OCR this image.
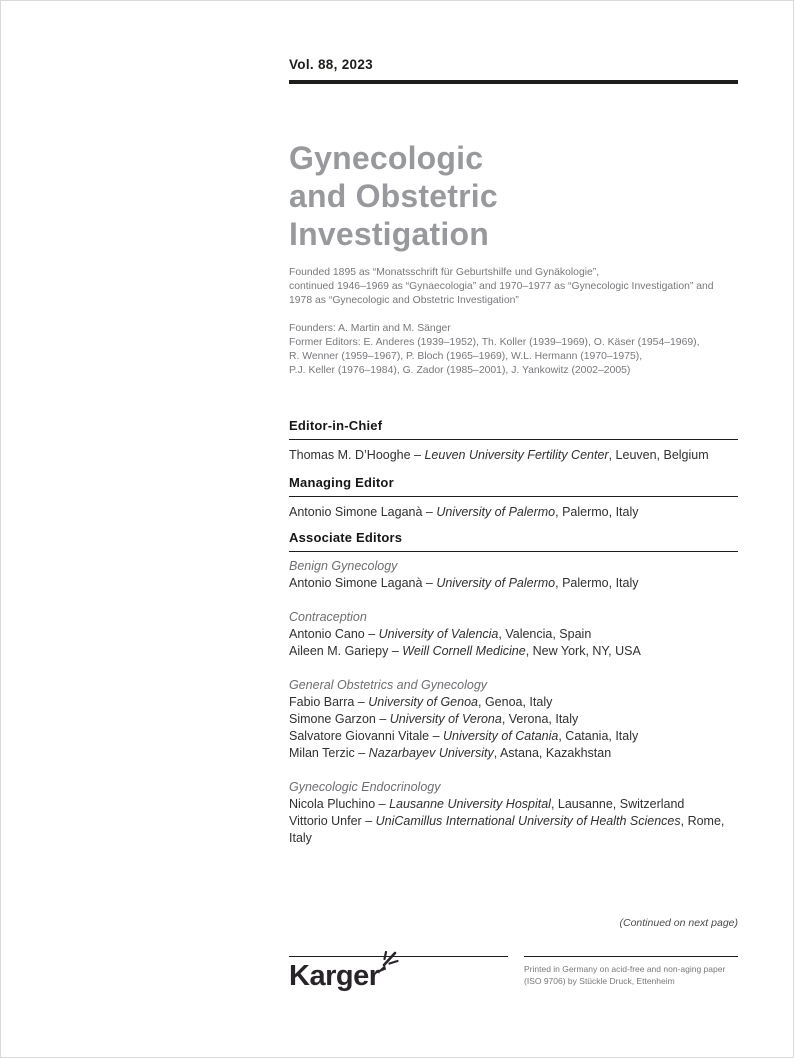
Vol. 88, 2023
Gynecologic
and Obstetric
Investigation

Founded 1895 as “Monatsschrift für Geburtshilfe und Gynäkologie”,
continued 1946–1969 as “Gynaecologia” and 1970–1977 as “Gynecologic Investigation” and
1978 as “Gynecologic and Obstetric Investigation”

Founders: A. Martin and M. Sänger
Former Editors: E. Anderes (1939–1952), Th. Koller (1939–1969), O. Käser (1954–1969),
R. Wenner (1959–1967), P. Bloch (1965–1969), W.L. Hermann (1970–1975),
P.J. Keller (1976–1984), G. Zador (1985–2001), J. Yankowitz (2002–2005)

Editor-in-Chief
Thomas M. D’Hooghe – Leuven University Fertility Center, Leuven, Belgium
Managing Editor
Antonio Simone Laganà – University of Palermo, Palermo, Italy
Associate Editors
Benign Gynecology
Antonio Simone Laganà – University of Palermo, Palermo, Italy
Contraception
Antonio Cano – University of Valencia, Valencia, Spain
Aileen M. Gariepy – Weill Cornell Medicine, New York, NY, USA
General Obstetrics and Gynecology
Fabio Barra – University of Genoa, Genoa, Italy
Simone Garzon – University of Verona, Verona, Italy
Salvatore Giovanni Vitale – University of Catania, Catania, Italy
Milan Terzic – Nazarbayev University, Astana, Kazakhstan
Gynecologic Endocrinology
Nicola Pluchino – Lausanne University Hospital, Lausanne, Switzerland
Vittorio Unfer – UniCamillus International University of Health Sciences, Rome, Italy
(Continued on next page)
Karger	Printed in Germany on acid-free and non-aging paper
(ISO 9706) by Stückle Druck, Ettenheim
